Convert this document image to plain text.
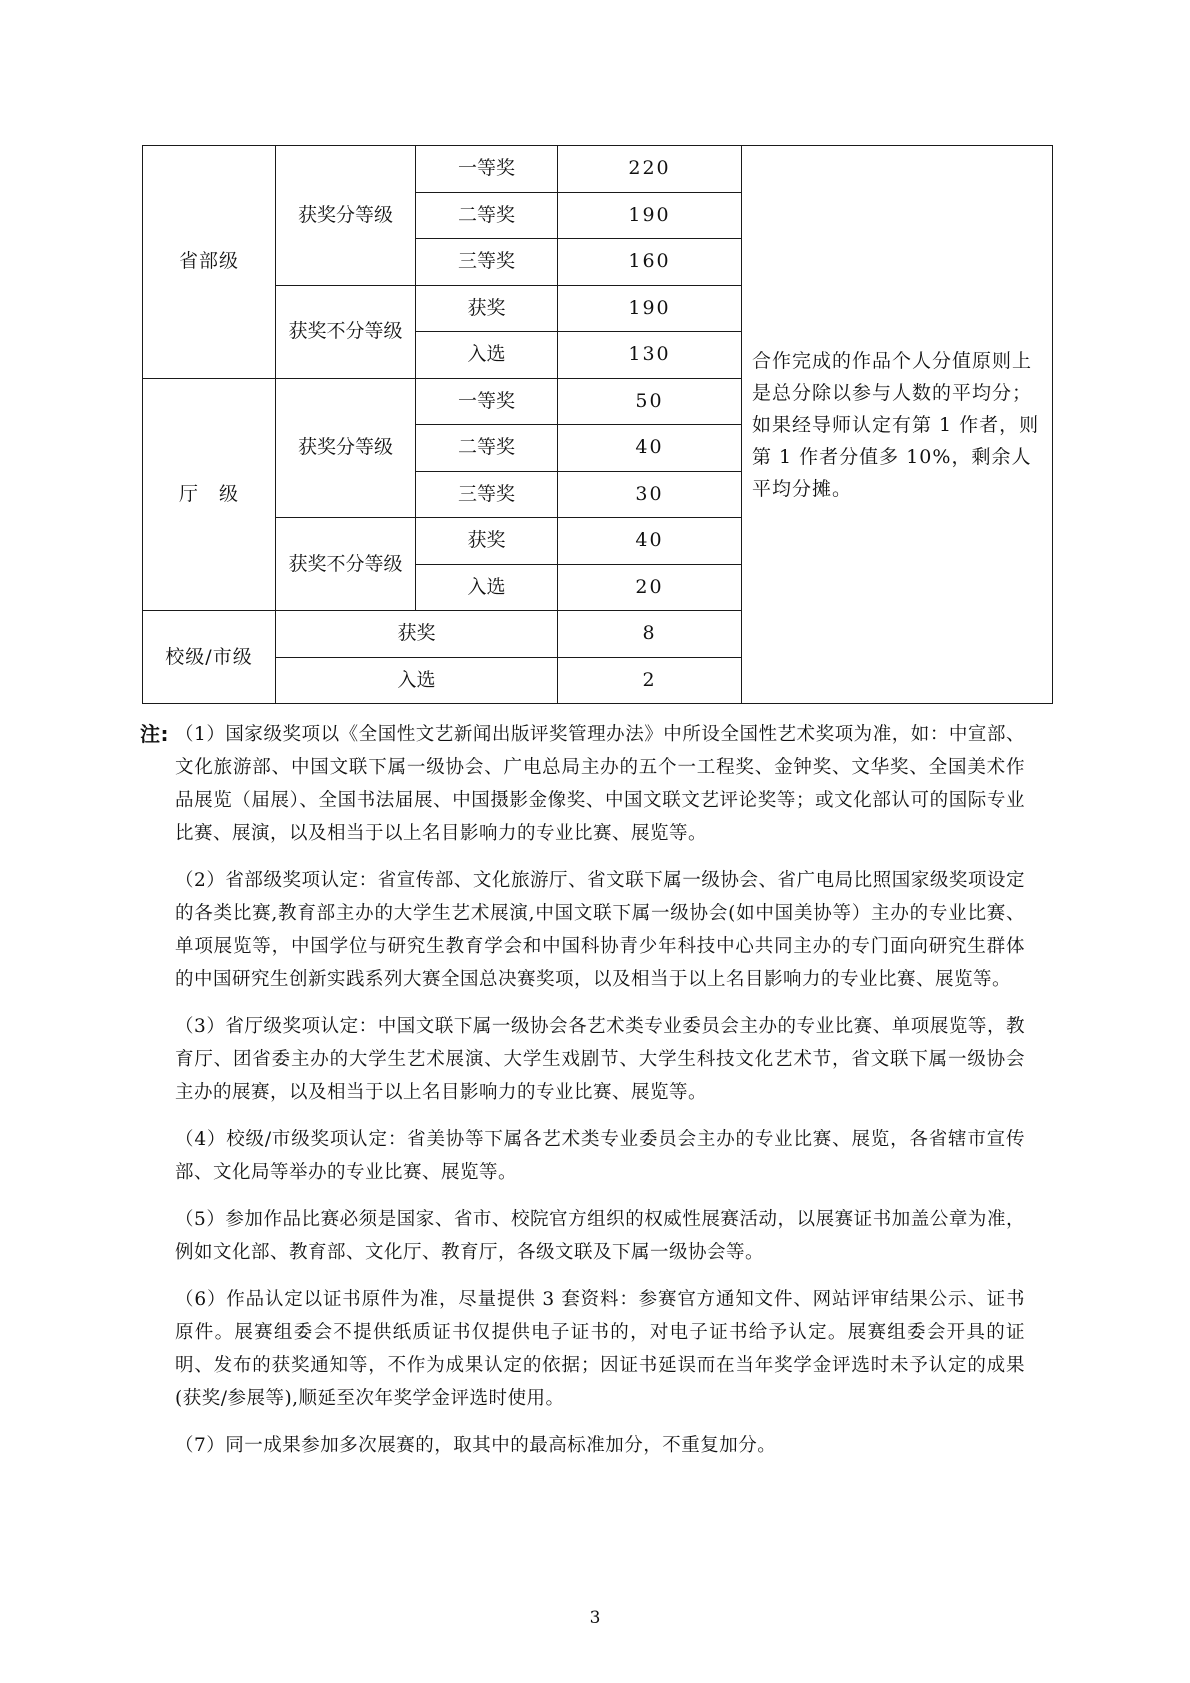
省部级	获奖分等级	一等奖	220	合作完成的作品个人分值原则上是总分除以参与人数的平均分；如果经导师认定有第 1 作者，则第 1 作者分值多 10%，剩余人平均分摊。
		二等奖	190	
		三等奖	160	
	获奖不分等级	获奖	190	
		入选	130	
厅　级	获奖分等级	一等奖	50	
		二等奖	40	
		三等奖	30	
	获奖不分等级	获奖	40	
		入选	20	
校级/市级	获奖		8	
	入选		2	

注: （1）国家级奖项以《全国性文艺新闻出版评奖管理办法》中所设全国性艺术奖项为准，如：中宣部、文化旅游部、中国文联下属一级协会、广电总局主办的五个一工程奖、金钟奖、文华奖、全国美术作品展览（届展）、全国书法届展、中国摄影金像奖、中国文联文艺评论奖等；或文化部认可的国际专业比赛、展演，以及相当于以上名目影响力的专业比赛、展览等。

（2）省部级奖项认定：省宣传部、文化旅游厅、省文联下属一级协会、省广电局比照国家级奖项设定的各类比赛,教育部主办的大学生艺术展演,中国文联下属一级协会(如中国美协等）主办的专业比赛、单项展览等，中国学位与研究生教育学会和中国科协青少年科技中心共同主办的专门面向研究生群体的中国研究生创新实践系列大赛全国总决赛奖项，以及相当于以上名目影响力的专业比赛、展览等。

（3）省厅级奖项认定：中国文联下属一级协会各艺术类专业委员会主办的专业比赛、单项展览等，教育厅、团省委主办的大学生艺术展演、大学生戏剧节、大学生科技文化艺术节，省文联下属一级协会主办的展赛，以及相当于以上名目影响力的专业比赛、展览等。

（4）校级/市级奖项认定：省美协等下属各艺术类专业委员会主办的专业比赛、展览，各省辖市宣传部、文化局等举办的专业比赛、展览等。

（5）参加作品比赛必须是国家、省市、校院官方组织的权威性展赛活动，以展赛证书加盖公章为准，例如文化部、教育部、文化厅、教育厅，各级文联及下属一级协会等。

（6）作品认定以证书原件为准，尽量提供 3 套资料：参赛官方通知文件、网站评审结果公示、证书原件。展赛组委会不提供纸质证书仅提供电子证书的，对电子证书给予认定。展赛组委会开具的证明、发布的获奖通知等，不作为成果认定的依据；因证书延误而在当年奖学金评选时未予认定的成果(获奖/参展等),顺延至次年奖学金评选时使用。

（7）同一成果参加多次展赛的，取其中的最高标准加分，不重复加分。

3
